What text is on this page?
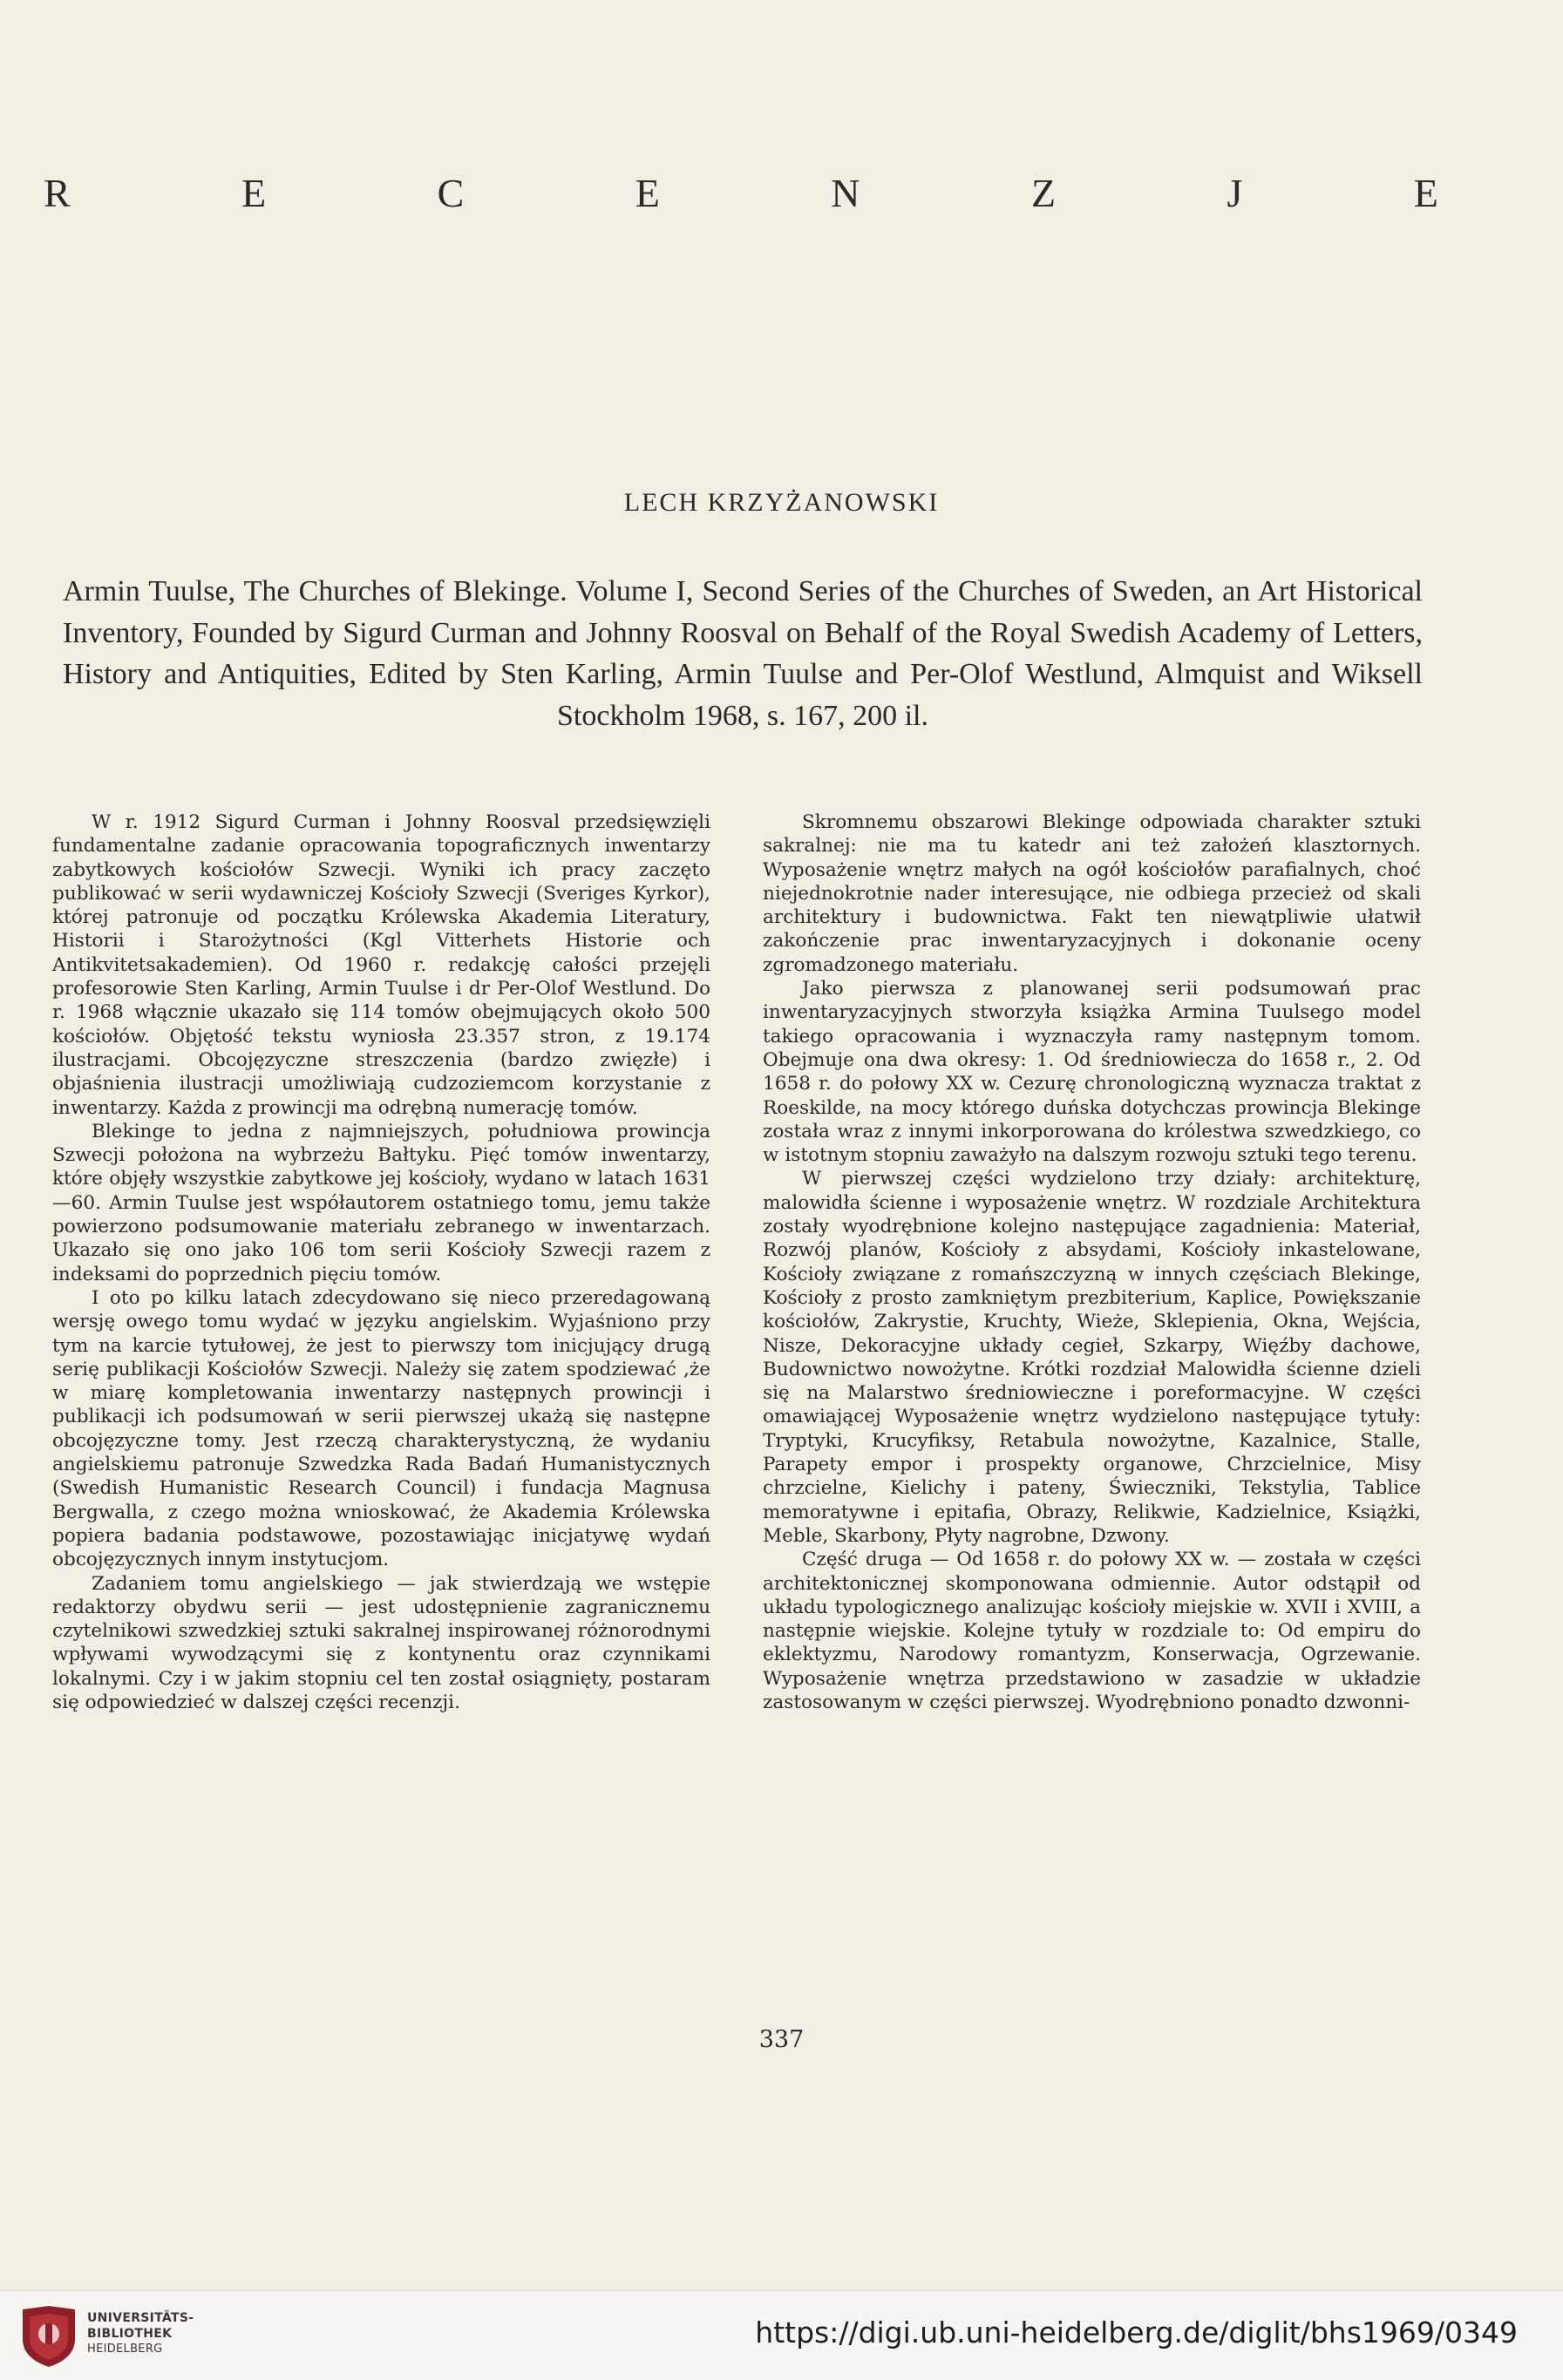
R	E	C	E	N	Z	J	E
LECH KRZYŻANOWSKI
Armin Tuulse, The Churches of Blekinge. Volume I, Second Series of the Churches of Sweden, an Art Historical Inventory, Founded by Sigurd Curman and Johnny Roosval on Behalf of the Royal Swedish Academy of Letters, History and Antiquities, Edited by Sten Karling, Armin Tuulse and Per-Olof Westlund, Almquist and Wiksell Stockholm 1968, s. 167, 200 il.

W r. 1912 Sigurd Curman i Johnny Roosval przedsięwzięli fundamentalne zadanie opracowania topograficznych inwentarzy zabytkowych kościołów Szwecji. Wyniki ich pracy zaczęto publikować w serii wydawniczej Kościoły Szwecji (Sveriges Kyrkor), której patronuje od początku Królewska Akademia Literatury, Historii i Starożytności (Kgl Vitterhets Historie och Antikvitetsakademien). Od 1960 r. redakcję całości przejęli profesorowie Sten Karling, Armin Tuulse i dr Per-Olof Westlund. Do r. 1968 włącznie ukazało się 114 tomów obejmujących około 500 kościołów. Objętość tekstu wyniosła 23.357 stron, z 19.174 ilustracjami. Obcojęzyczne streszczenia (bardzo zwięzłe) i objaśnienia ilustracji umożliwiają cudzoziemcom korzystanie z inwentarzy. Każda z prowincji ma odrębną numerację tomów.

Blekinge to jedna z najmniejszych, południowa prowincja Szwecji położona na wybrzeżu Bałtyku. Pięć tomów inwentarzy, które objęły wszystkie zabytkowe jej kościoły, wydano w latach 1631—60. Armin Tuulse jest współautorem ostatniego tomu, jemu także powierzono podsumowanie materiału zebranego w inwentarzach. Ukazało się ono jako 106 tom serii Kościoły Szwecji razem z indeksami do poprzednich pięciu tomów.

I oto po kilku latach zdecydowano się nieco przeredagowaną wersję owego tomu wydać w języku angielskim. Wyjaśniono przy tym na karcie tytułowej, że jest to pierwszy tom inicjujący drugą serię publikacji Kościołów Szwecji. Należy się zatem spodziewać ,że w miarę kompletowania inwentarzy następnych prowincji i publikacji ich podsumowań w serii pierwszej ukażą się następne obcojęzyczne tomy. Jest rzeczą charakterystyczną, że wydaniu angielskiemu patronuje Szwedzka Rada Badań Humanistycznych (Swedish Humanistic Research Council) i fundacja Magnusa Bergwalla, z czego można wnioskować, że Akademia Królewska popiera badania podstawowe, pozostawiając inicjatywę wydań obcojęzycznych innym instytucjom.

Zadaniem tomu angielskiego — jak stwierdzają we wstępie redaktorzy obydwu serii — jest udostępnienie zagranicznemu czytelnikowi szwedzkiej sztuki sakralnej inspirowanej różnorodnymi wpływami wywodzącymi się z kontynentu oraz czynnikami lokalnymi. Czy i w jakim stopniu cel ten został osiągnięty, postaram się odpowiedzieć w dalszej części recenzji.

Skromnemu obszarowi Blekinge odpowiada charakter sztuki sakralnej: nie ma tu katedr ani też założeń klasztornych. Wyposażenie wnętrz małych na ogół kościołów parafialnych, choć niejednokrotnie nader interesujące, nie odbiega przecież od skali architektury i budownictwa. Fakt ten niewątpliwie ułatwił zakończenie prac inwentaryzacyjnych i dokonanie oceny zgromadzonego materiału.

Jako pierwsza z planowanej serii podsumowań prac inwentaryzacyjnych stworzyła książka Armina Tuulsego model takiego opracowania i wyznaczyła ramy następnym tomom. Obejmuje ona dwa okresy: 1. Od średniowiecza do 1658 r., 2. Od 1658 r. do połowy XX w. Cezurę chronologiczną wyznacza traktat z Roeskilde, na mocy którego duńska dotychczas prowincja Blekinge została wraz z innymi inkorporowana do królestwa szwedzkiego, co w istotnym stopniu zaważyło na dalszym rozwoju sztuki tego terenu.

W pierwszej części wydzielono trzy działy: architekturę, malowidła ścienne i wyposażenie wnętrz. W rozdziale Architektura zostały wyodrębnione kolejno następujące zagadnienia: Materiał, Rozwój planów, Kościoły z absydami, Kościoły inkastelowane, Kościoły związane z romańszczyzną w innych częściach Blekinge, Kościoły z prosto zamkniętym prezbiterium, Kaplice, Powiększanie kościołów, Zakrystie, Kruchty, Wieże, Sklepienia, Okna, Wejścia, Nisze, Dekoracyjne układy cegieł, Szkarpy, Więźby dachowe, Budownictwo nowożytne. Krótki rozdział Malowidła ścienne dzieli się na Malarstwo średniowieczne i poreformacyjne. W części omawiającej Wyposażenie wnętrz wydzielono następujące tytuły: Tryptyki, Krucyfiksy, Retabula nowożytne, Kazalnice, Stalle, Parapety empor i prospekty organowe, Chrzcielnice, Misy chrzcielne, Kielichy i pateny, Świeczniki, Tekstylia, Tablice memoratywne i epitafia, Obrazy, Relikwie, Kadzielnice, Książki, Meble, Skarbony, Płyty nagrobne, Dzwony.

Część druga — Od 1658 r. do połowy XX w. — została w części architektonicznej skomponowana odmiennie. Autor odstąpił od układu typologicznego analizując kościoły miejskie w. XVII i XVIII, a następnie wiejskie. Kolejne tytuły w rozdziale to: Od empiru do eklektyzmu, Narodowy romantyzm, Konserwacja, Ogrzewanie. Wyposażenie wnętrza przedstawiono w zasadzie w układzie zastosowanym w części pierwszej. Wyodrębniono ponadto dzwonni-

337
UNIVERSITÄTS-
BIBLIOTHEK
HEIDELBERG	https://digi.ub.uni-heidelberg.de/diglit/bhs1969/0349
